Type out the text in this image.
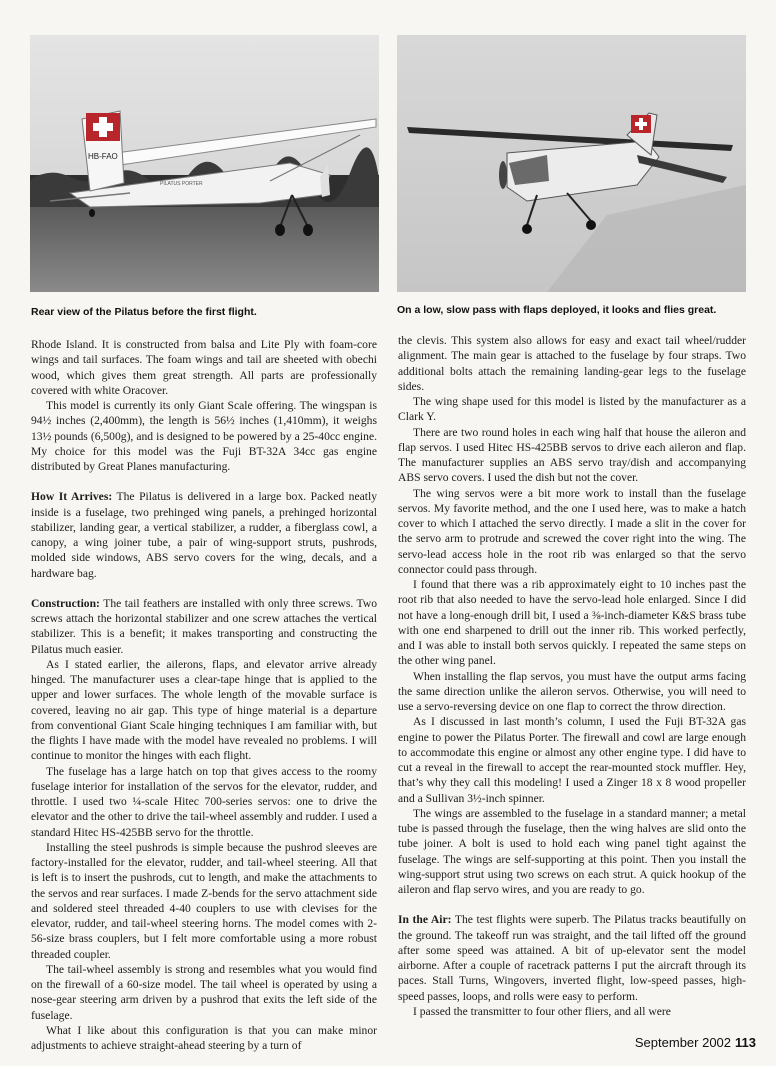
HB-FAO
PILATUS PORTER
Rear view of the Pilatus before the first flight.	On a low, slow pass with flaps deployed, it looks and flies great.

Rhode Island. It is constructed from balsa and Lite Ply with foam-core wings and tail surfaces. The foam wings and tail are sheeted with obechi wood, which gives them great strength. All parts are professionally covered with white Oracover.

This model is currently its only Giant Scale offering. The wingspan is 94½ inches (2,400mm), the length is 56½ inches (1,410mm), it weighs 13½ pounds (6,500g), and is designed to be powered by a 25-40cc engine. My choice for this model was the Fuji BT-32A 34cc gas engine distributed by Great Planes manufacturing.

How It Arrives: The Pilatus is delivered in a large box. Packed neatly inside is a fuselage, two prehinged wing panels, a prehinged horizontal stabilizer, landing gear, a vertical stabilizer, a rudder, a fiberglass cowl, a canopy, a wing joiner tube, a pair of wing-support struts, pushrods, molded side windows, ABS servo covers for the wing, decals, and a hardware bag.

Construction: The tail feathers are installed with only three screws. Two screws attach the horizontal stabilizer and one screw attaches the vertical stabilizer. This is a benefit; it makes transporting and constructing the Pilatus much easier.

As I stated earlier, the ailerons, flaps, and elevator arrive already hinged. The manufacturer uses a clear-tape hinge that is applied to the upper and lower surfaces. The whole length of the movable surface is covered, leaving no air gap. This type of hinge material is a departure from conventional Giant Scale hinging techniques I am familiar with, but the flights I have made with the model have revealed no problems. I will continue to monitor the hinges with each flight.

The fuselage has a large hatch on top that gives access to the roomy fuselage interior for installation of the servos for the elevator, rudder, and throttle. I used two ¼-scale Hitec 700-series servos: one to drive the elevator and the other to drive the tail-wheel assembly and rudder. I used a standard Hitec HS-425BB servo for the throttle.

Installing the steel pushrods is simple because the pushrod sleeves are factory-installed for the elevator, rudder, and tail-wheel steering. All that is left is to insert the pushrods, cut to length, and make the attachments to the servos and rear surfaces. I made Z-bends for the servo attachment side and soldered steel threaded 4-40 couplers to use with clevises for the elevator, rudder, and tail-wheel steering horns. The model comes with 2-56-size brass couplers, but I felt more comfortable using a more robust threaded coupler.

The tail-wheel assembly is strong and resembles what you would find on the firewall of a 60-size model. The tail wheel is operated by using a nose-gear steering arm driven by a pushrod that exits the left side of the fuselage.

What I like about this configuration is that you can make minor adjustments to achieve straight-ahead steering by a turn of

the clevis. This system also allows for easy and exact tail wheel/rudder alignment. The main gear is attached to the fuselage by four straps. Two additional bolts attach the remaining landing-gear legs to the fuselage sides.

The wing shape used for this model is listed by the manufacturer as a Clark Y.

There are two round holes in each wing half that house the aileron and flap servos. I used Hitec HS-425BB servos to drive each aileron and flap. The manufacturer supplies an ABS servo tray/dish and accompanying ABS servo covers. I used the dish but not the cover.

The wing servos were a bit more work to install than the fuselage servos. My favorite method, and the one I used here, was to make a hatch cover to which I attached the servo directly. I made a slit in the cover for the servo arm to protrude and screwed the cover right into the wing. The servo-lead access hole in the root rib was enlarged so that the servo connector could pass through.

I found that there was a rib approximately eight to 10 inches past the root rib that also needed to have the servo-lead hole enlarged. Since I did not have a long-enough drill bit, I used a ⅜-inch-diameter K&S brass tube with one end sharpened to drill out the inner rib. This worked perfectly, and I was able to install both servos quickly. I repeated the same steps on the other wing panel.

When installing the flap servos, you must have the output arms facing the same direction unlike the aileron servos. Otherwise, you will need to use a servo-reversing device on one flap to correct the throw direction.

As I discussed in last month’s column, I used the Fuji BT-32A gas engine to power the Pilatus Porter. The firewall and cowl are large enough to accommodate this engine or almost any other engine type. I did have to cut a reveal in the firewall to accept the rear-mounted stock muffler. Hey, that’s why they call this modeling! I used a Zinger 18 x 8 wood propeller and a Sullivan 3½-inch spinner.

The wings are assembled to the fuselage in a standard manner; a metal tube is passed through the fuselage, then the wing halves are slid onto the tube joiner. A bolt is used to hold each wing panel tight against the fuselage. The wings are self-supporting at this point. Then you install the wing-support strut using two screws on each strut. A quick hookup of the aileron and flap servo wires, and you are ready to go.

In the Air: The test flights were superb. The Pilatus tracks beautifully on the ground. The takeoff run was straight, and the tail lifted off the ground after some speed was attained. A bit of up-elevator sent the model airborne. After a couple of racetrack patterns I put the aircraft through its paces. Stall Turns, Wingovers, inverted flight, low-speed passes, high-speed passes, loops, and rolls were easy to perform.

I passed the transmitter to four other fliers, and all were

September 2002 113
